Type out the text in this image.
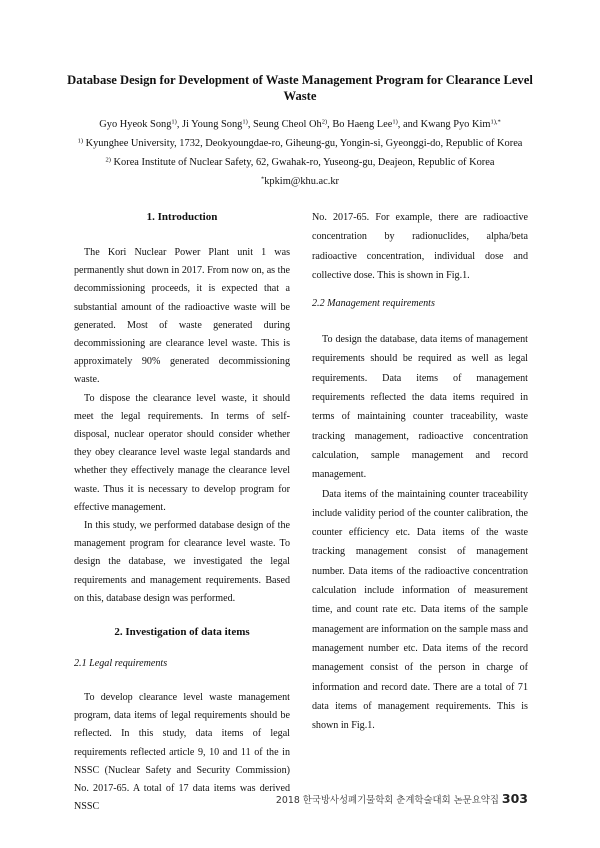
Database Design for Development of Waste Management Program for Clearance Level Waste
Gyo Hyeok Song$^{1)}$, Ji Young Song$^{1)}$, Seung Cheol Oh$^{2)}$, Bo Haeng Lee$^{1)}$, and Kwang Pyo Kim$^{1),*}$
$^{1)}$ Kyunghee University, 1732, Deokyoungdae-ro, Giheung-gu, Yongin-si, Gyeonggi-do, Republic of Korea
$^{2)}$ Korea Institute of Nuclear Safety, 62, Gwahak-ro, Yuseong-gu, Deajeon, Republic of Korea
*kpkim@khu.ac.kr
1. Introduction

The Kori Nuclear Power Plant unit 1 was permanently shut down in 2017. From now on, as the decommissioning proceeds, it is expected that a substantial amount of the radioactive waste will be generated. Most of waste generated during decommissioning are clearance level waste. This is approximately 90% generated decommissioning waste.

To dispose the clearance level waste, it should meet the legal requirements. In terms of self-disposal, nuclear operator should consider whether they obey clearance level waste legal standards and whether they effectively manage the clearance level waste. Thus it is necessary to develop program for effective management.

In this study, we performed database design of the management program for clearance level waste. To design the database, we investigated the legal requirements and management requirements. Based on this, database design was performed.

2. Investigation of data items
2.1 Legal requirements

To develop clearance level waste management program, data items of legal requirements should be reflected. In this study, data items of legal requirements reflected article 9, 10 and 11 of the in NSSC (Nuclear Safety and Security Commission) No. 2017-65. A total of 17 data items was derived NSSC

No. 2017-65. For example, there are radioactive concentration by radionuclides, alpha/beta radioactive concentration, individual dose and collective dose. This is shown in Fig.1.

2.2 Management requirements

To design the database, data items of management requirements should be required as well as legal requirements. Data items of management requirements reflected the data items required in terms of maintaining counter traceability, waste tracking management, radioactive concentration calculation, sample management and record management.

Data items of the maintaining counter traceability include validity period of the counter calibration, the counter efficiency etc. Data items of the waste tracking management consist of management number. Data items of the radioactive concentration calculation include information of measurement time, and count rate etc. Data items of the sample management are information on the sample mass and management number etc. Data items of the record management consist of the person in charge of information and record date. There are a total of 71 data items of management requirements. This is shown in Fig.1.

2018 한국방사성폐기물학회 춘계학술대회 논문요약집 303
